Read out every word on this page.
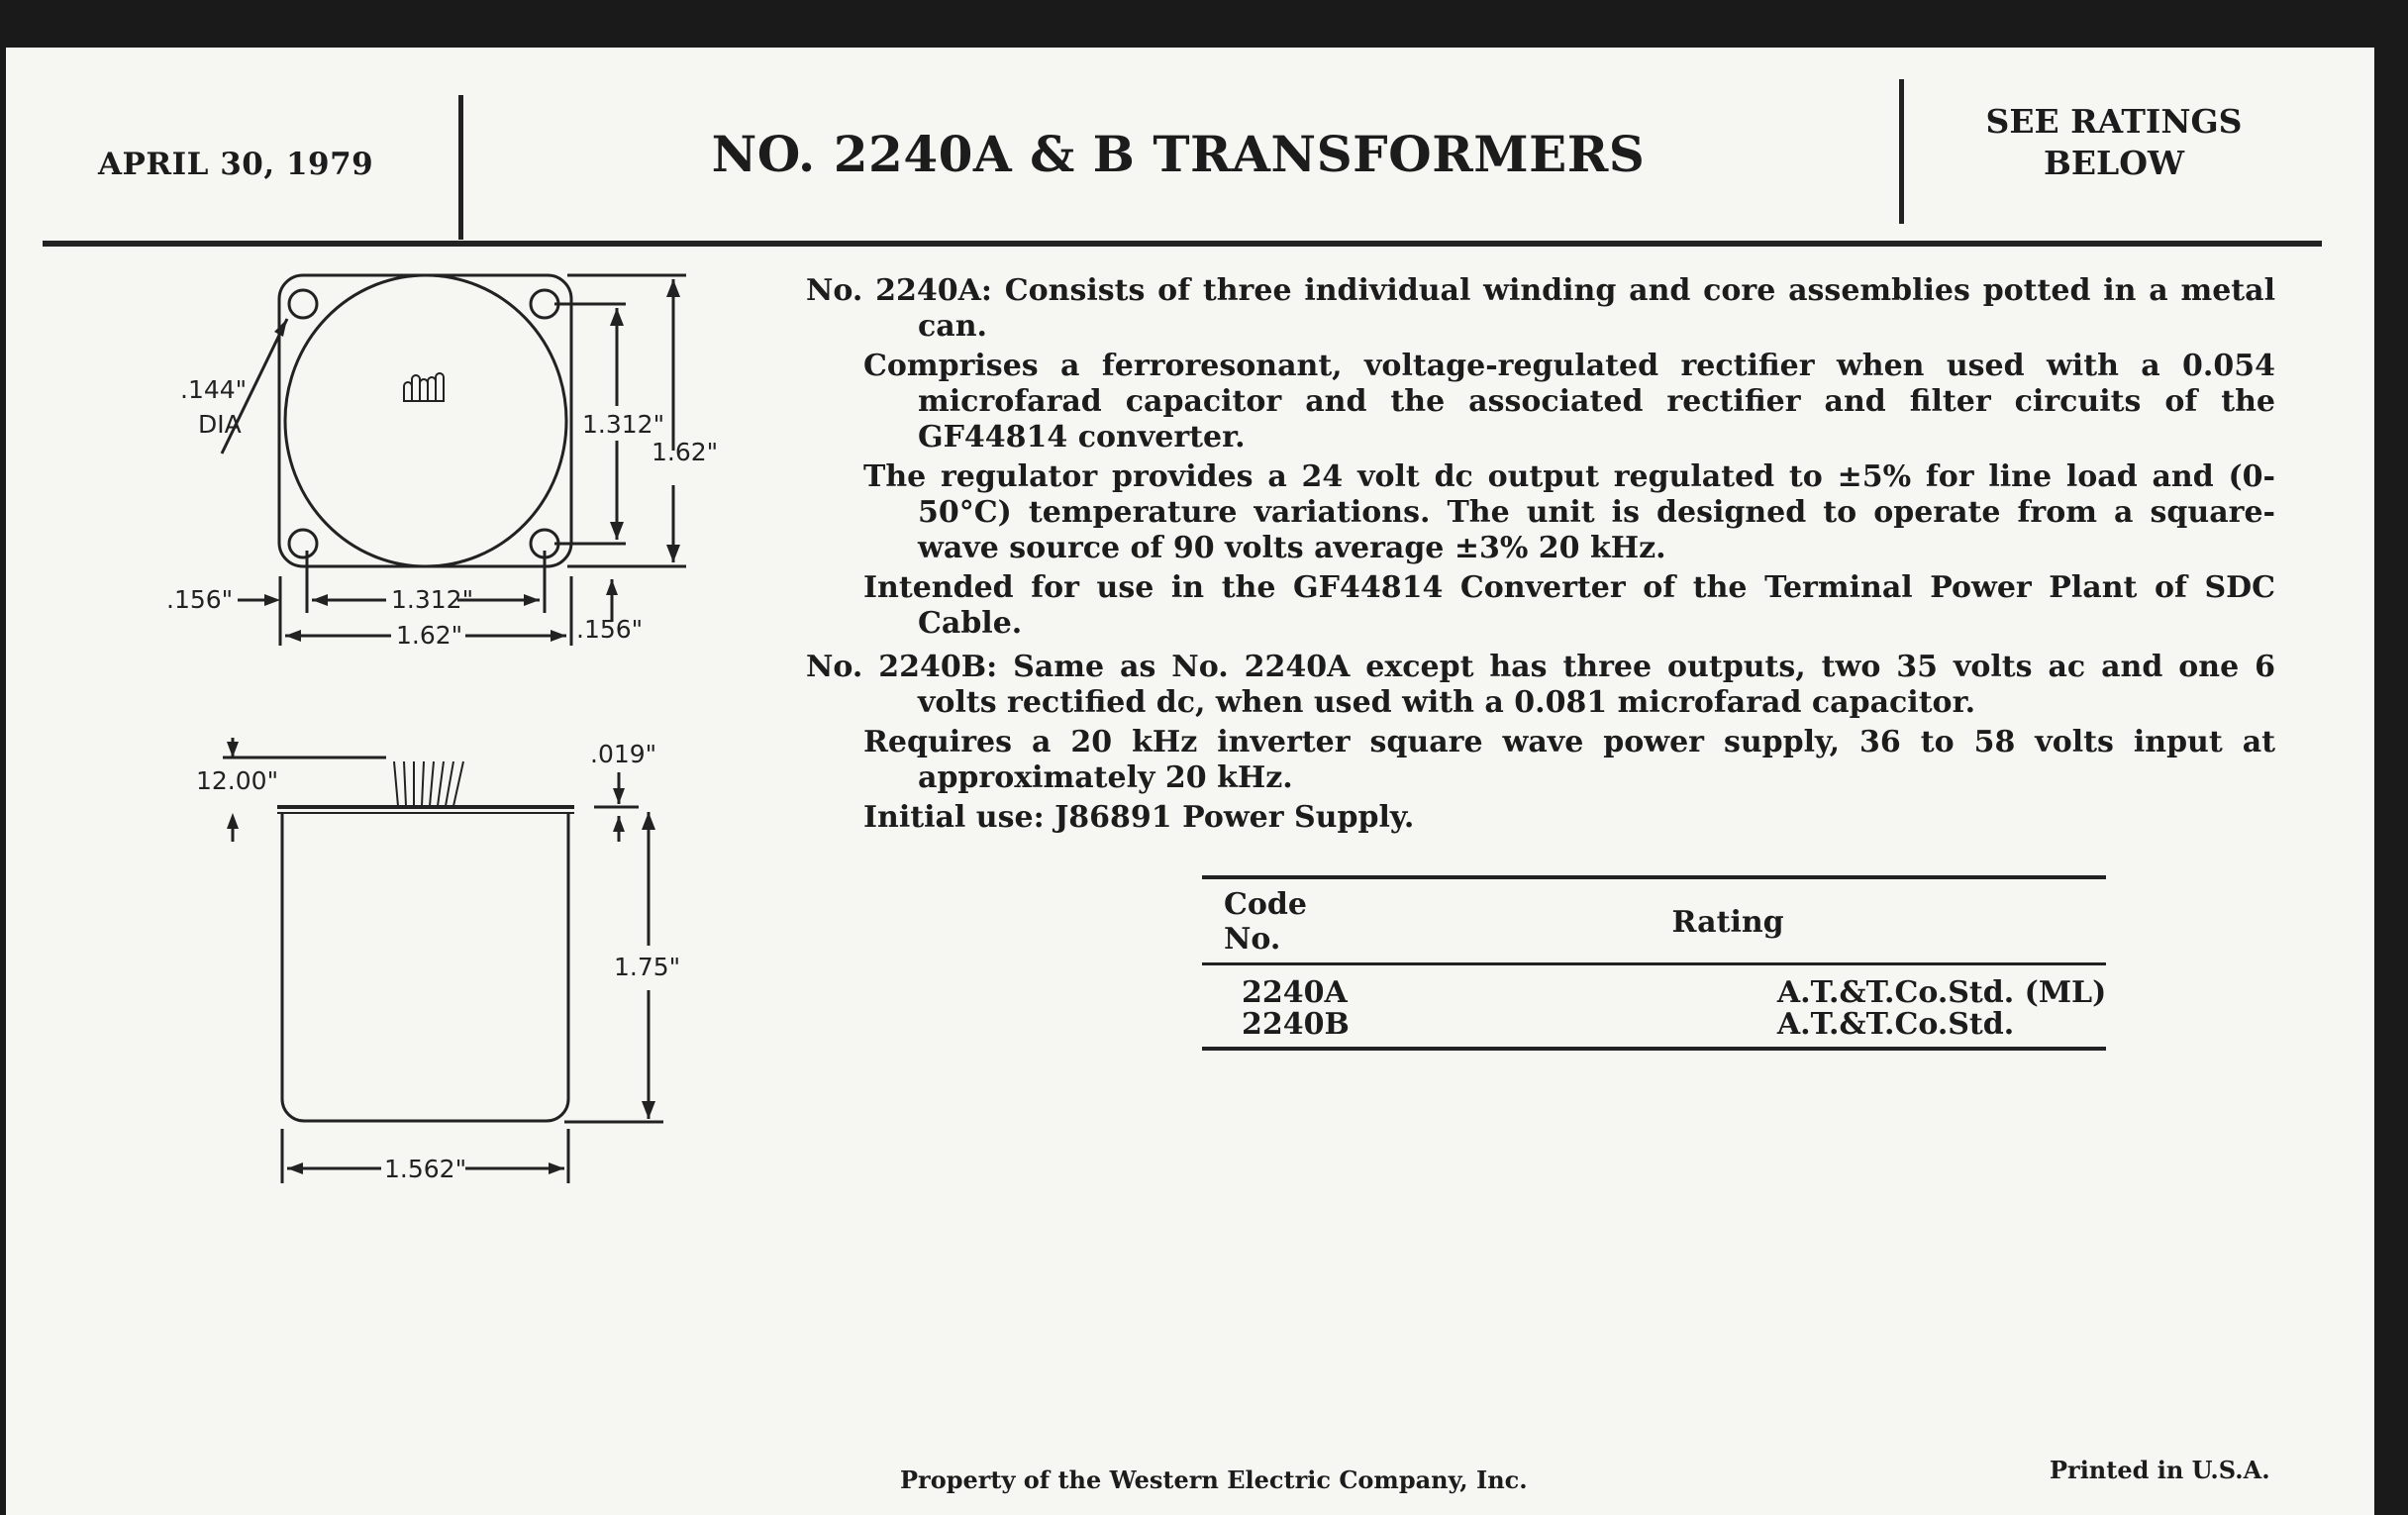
APRIL 30, 1979	NO. 2240A & B TRANSFORMERS
SEE RATINGS
BELOW
.144"
DIA	1.312"
1.62"
1.312"
1.62"
.156"
.156"
12.00"
.019"
1.75"
1.562"

No. 2240A: Consists of three individual winding and core assemblies potted in a metal can.

Comprises a ferroresonant, voltage-regulated rectifier when used with a 0.054 microfarad capacitor and the associated rectifier and filter circuits of the GF44814 converter.

The regulator provides a 24 volt dc output regulated to ±5% for line load and (0-50°C) temperature variations. The unit is designed to operate from a square-wave source of 90 volts average ±3% 20 kHz.

Intended for use in the GF44814 Converter of the Terminal Power Plant of SDC Cable.

No. 2240B: Same as No. 2240A except has three outputs, two 35 volts ac and one 6 volts rectified dc, when used with a 0.081 microfarad capacitor.

Requires a 20 kHz inverter square wave power supply, 36 to 58 volts input at approximately 20 kHz.

Initial use: J86891 Power Supply.

Code No.	Rating
2240A	A.T.&T.Co.Std. (ML)
2240B	A.T.&T.Co.Std.
Property of the Western Electric Company, Inc.	Printed in U.S.A.
